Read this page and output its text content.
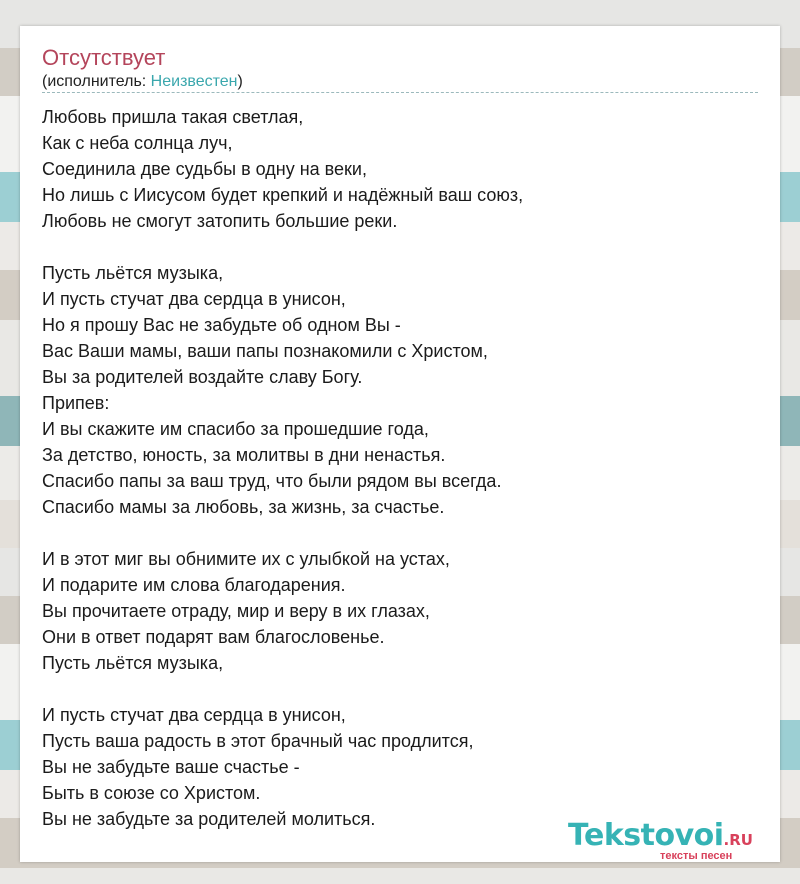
Отсутствует
(исполнитель: Неизвестен)
Любовь пришла такая светлая,
Как с неба солнца луч,
Соединила две судьбы в одну на веки,
Но лишь с Иисусом будет крепкий и надёжный ваш союз,
Любовь не смогут затопить большие реки.
Пусть льётся музыка,
И пусть стучат два сердца в унисон,
Но я прошу Вас не забудьте об одном Вы -
Вас Ваши мамы, ваши папы познакомили с Христом,
Вы за родителей воздайте славу Богу.
Припев:
И вы скажите им спасибо за прошедшие года,
За детство, юность, за молитвы в дни ненастья.
Спасибо папы за ваш труд, что были рядом вы всегда.
Спасибо мамы за любовь, за жизнь, за счастье.
И в этот миг вы обнимите их с улыбкой на устах,
И подарите им слова благодарения.
Вы прочитаете отраду, мир и веру в их глазах,
Они в ответ подарят вам благословенье.
Пусть льётся музыка,
И пусть стучат два сердца в унисон,
Пусть ваша радость в этот брачный час продлится,
Вы не забудьте ваше счастье -
Быть в союзе со Христом.
Вы не забудьте за родителей молиться.	Tekstovoi.RU
тексты песен
